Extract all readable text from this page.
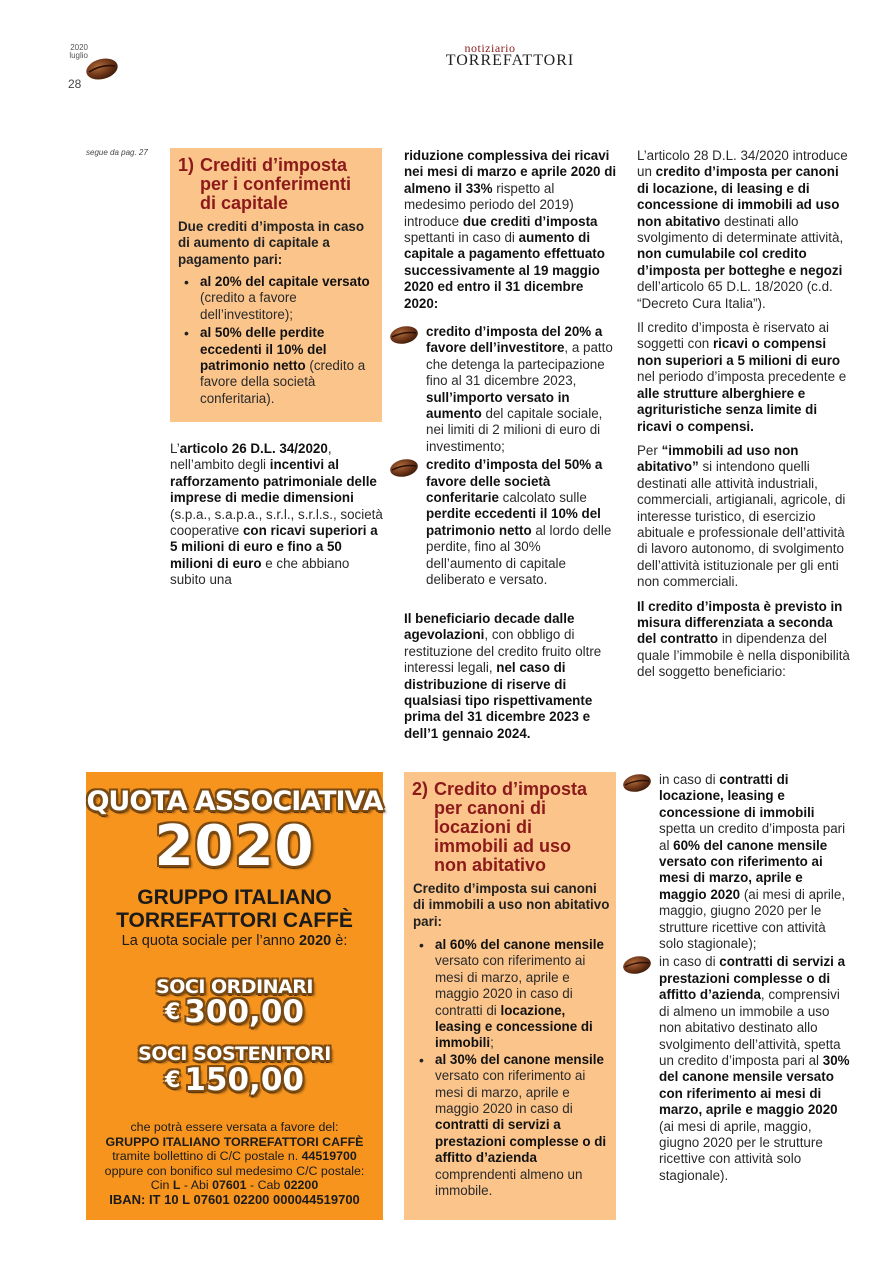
2020
luglio
28
notiziario
TORREFATTORI
segue da pag. 27
1) Crediti d’imposta
per i conferimenti
di capitale
Due crediti d’imposta in caso di aumento di capitale a pagamento pari:
• al 20% del capitale versato (credito a favore dell’investitore);
• al 50% delle perdite eccedenti il 10% del patrimonio netto (credito a favore della società conferitaria).
L’articolo 26 D.L. 34/2020, nell’ambito degli incentivi al rafforzamento patrimoniale delle imprese di medie dimensioni (s.p.a., s.a.p.a., s.r.l., s.r.l.s., società cooperative con ricavi superiori a 5 milioni di euro e fino a 50 milioni di euro e che abbiano subito una
riduzione complessiva dei ricavi nei mesi di marzo e aprile 2020 di almeno il 33% rispetto al medesimo periodo del 2019) introduce due crediti d’imposta spettanti in caso di aumento di capitale a pagamento effettuato successivamente al 19 maggio 2020 ed entro il 31 dicembre 2020:
credito d’imposta del 20% a favore dell’investitore, a patto che detenga la partecipazione fino al 31 dicembre 2023, sull’importo versato in aumento del capitale sociale, nei limiti di 2 milioni di euro di investimento;
credito d’imposta del 50% a favore delle società conferitarie calcolato sulle perdite eccedenti il 10% del patrimonio netto al lordo delle perdite, fino al 30% dell’aumento di capitale deliberato e versato.
Il beneficiario decade dalle agevolazioni, con obbligo di restituzione del credito fruito oltre interessi legali, nel caso di distribuzione di riserve di qualsiasi tipo rispettivamente prima del 31 dicembre 2023 e dell’1 gennaio 2024.

L’articolo 28 D.L. 34/2020 introduce un credito d’imposta per canoni di locazione, di leasing e di concessione di immobili ad uso non abitativo destinati allo svolgimento di determinate attività, non cumulabile col credito d’imposta per botteghe e negozi dell’articolo 65 D.L. 18/2020 (c.d. “Decreto Cura Italia”).

Il credito d’imposta è riservato ai soggetti con ricavi o compensi non superiori a 5 milioni di euro nel periodo d’imposta precedente e alle strutture alberghiere e agrituristiche senza limite di ricavi o compensi.

Per “immobili ad uso non abitativo” si intendono quelli destinati alle attività industriali, commerciali, artigianali, agricole, di interesse turistico, di esercizio abituale e professionale dell’attività di lavoro autonomo, di svolgimento dell’attività istituzionale per gli enti non commerciali.

Il credito d’imposta è previsto in misura differenziata a seconda del contratto in dipendenza del quale l’immobile è nella disponibilità del soggetto beneficiario:

in caso di contratti di locazione, leasing e concessione di immobili spetta un credito d’imposta pari al 60% del canone mensile versato con riferimento ai mesi di marzo, aprile e maggio 2020 (ai mesi di aprile, maggio, giugno 2020 per le strutture ricettive con attività solo stagionale);
in caso di contratti di servizi a prestazioni complesse o di affitto d’azienda, comprensivi di almeno un immobile a uso non abitativo destinato allo svolgimento dell’attività, spetta un credito d’imposta pari al 30% del canone mensile versato con riferimento ai mesi di marzo, aprile e maggio 2020 (ai mesi di aprile, maggio, giugno 2020 per le strutture ricettive con attività solo stagionale).
QUOTA ASSOCIATIVA
2020
GRUPPO ITALIANO
TORREFATTORI CAFFÈ
La quota sociale per l’anno 2020 è:
SOCI ORDINARI
€ 300,00
SOCI SOSTENITORI
€ 150,00
che potrà essere versata a favore del:
GRUPPO ITALIANO TORREFATTORI CAFFÈ
tramite bollettino di C/C postale n. 44519700
oppure con bonifico sul medesimo C/C postale:
Cin L - Abi 07601 - Cab 02200
IBAN: IT 10 L 07601 02200 000044519700
2) Credito d’imposta
per canoni di
locazioni di
immobili ad uso
non abitativo
Credito d’imposta sui canoni di immobili a uso non abitativo pari:
• al 60% del canone mensile versato con riferimento ai mesi di marzo, aprile e maggio 2020 in caso di contratti di locazione, leasing e concessione di immobili;
• al 30% del canone mensile versato con riferimento ai mesi di marzo, aprile e maggio 2020 in caso di contratti di servizi a prestazioni complesse o di affitto d’azienda comprendenti almeno un immobile.
